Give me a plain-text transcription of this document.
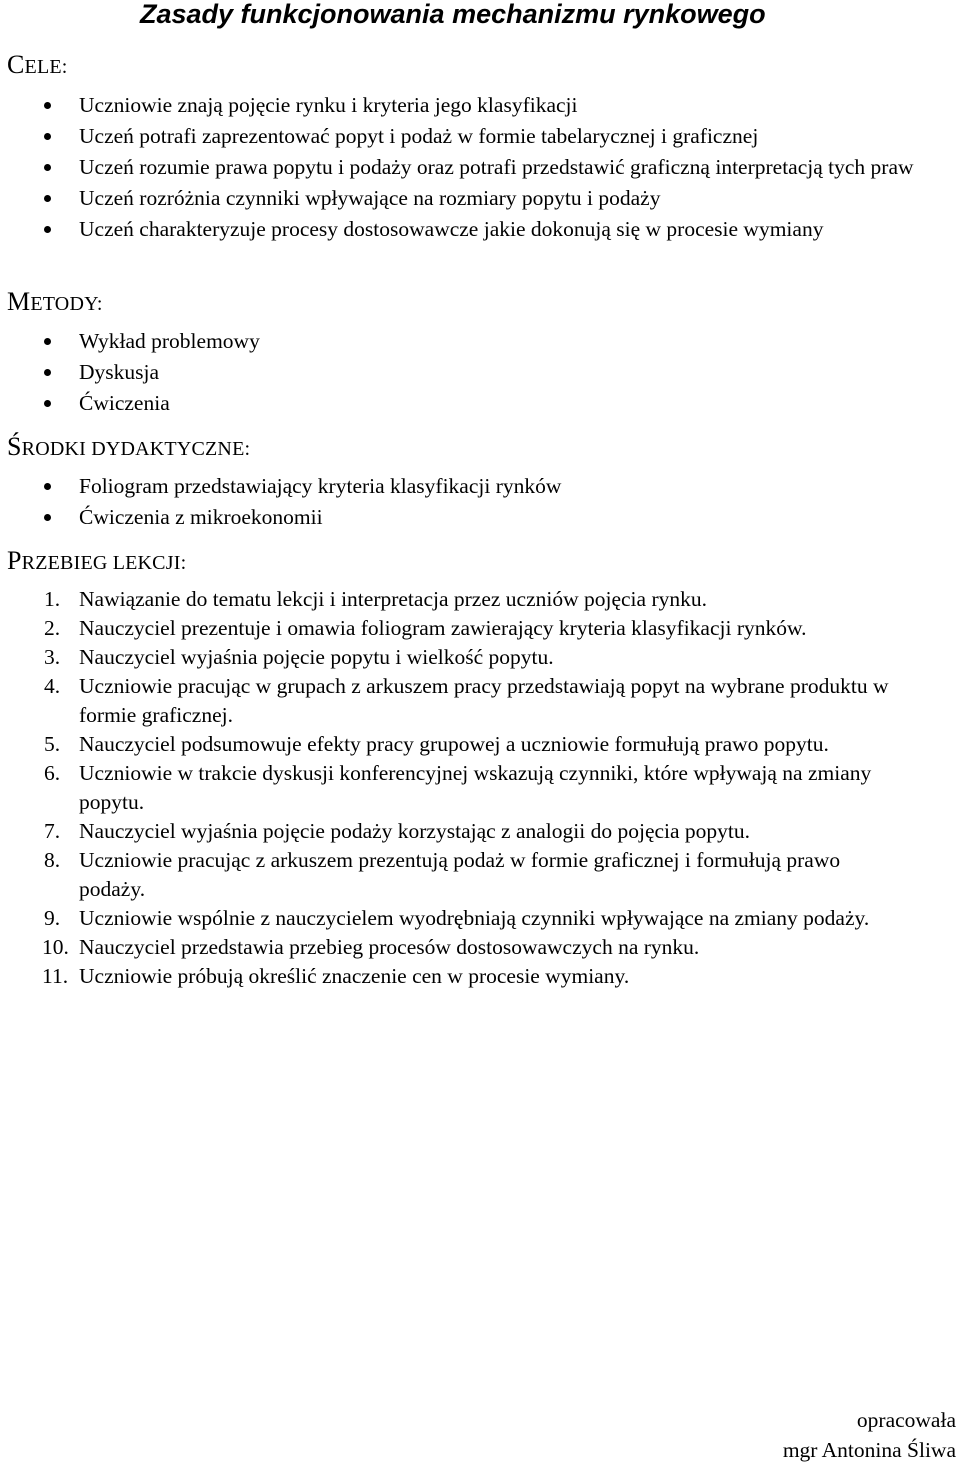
Zasady funkcjonowania mechanizmu rynkowego
CELE:
Uczniowie znają pojęcie rynku i kryteria jego klasyfikacji
Uczeń potrafi zaprezentować popyt i podaż w formie tabelarycznej i graficznej
Uczeń rozumie prawa popytu i podaży oraz potrafi przedstawić graficzną interpretacją tych praw
Uczeń rozróżnia czynniki wpływające na rozmiary popytu i podaży
Uczeń charakteryzuje procesy dostosowawcze jakie dokonują się w procesie wymiany
METODY:
Wykład problemowy
Dyskusja
Ćwiczenia
ŚRODKI DYDAKTYCZNE:
Foliogram przedstawiający kryteria klasyfikacji rynków
Ćwiczenia z mikroekonomii
PRZEBIEG LEKCJI:
1. Nawiązanie do tematu lekcji i interpretacja przez uczniów pojęcia rynku.
2. Nauczyciel prezentuje i omawia foliogram zawierający kryteria klasyfikacji rynków.
3. Nauczyciel wyjaśnia pojęcie popytu i wielkość popytu.
4. Uczniowie pracując w grupach z arkuszem pracy przedstawiają popyt na wybrane produktu w formie graficznej.
5. Nauczyciel podsumowuje efekty pracy grupowej a uczniowie formułują prawo popytu.
6. Uczniowie w trakcie dyskusji konferencyjnej wskazują czynniki, które wpływają na zmiany popytu.
7. Nauczyciel wyjaśnia pojęcie podaży korzystając z analogii do pojęcia popytu.
8. Uczniowie pracując z arkuszem prezentują podaż w formie graficznej i formułują prawo podaży.
9. Uczniowie wspólnie z nauczycielem wyodrębniają czynniki wpływające na zmiany podaży.
10. Nauczyciel przedstawia przebieg procesów dostosowawczych na rynku.
11. Uczniowie próbują określić znaczenie cen w procesie wymiany.
opracowała
mgr Antonina Śliwa
